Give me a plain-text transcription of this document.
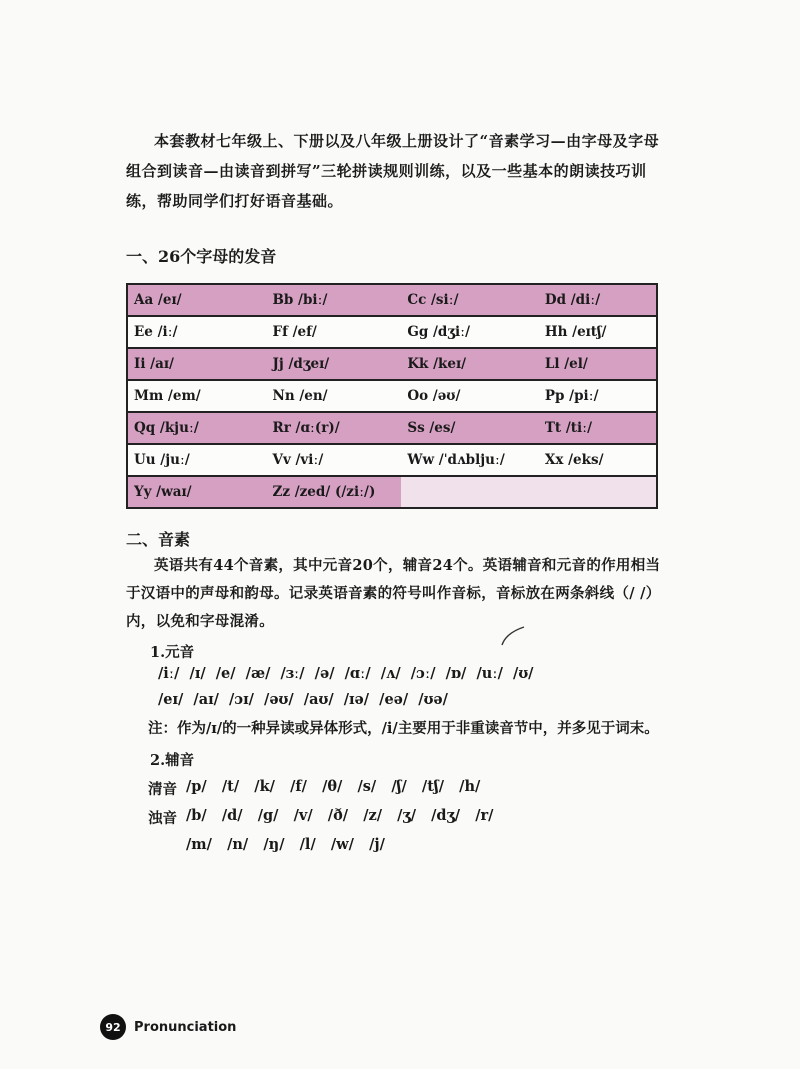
本套教材七年级上、下册以及八年级上册设计了“音素学习—由字母及字母组合到读音—由读音到拼写”三轮拼读规则训练，以及一些基本的朗读技巧训练，帮助同学们打好语音基础。
一、26个字母的发音
Aa /eɪ/	Bb /biː/	Cc /siː/	Dd /diː/
Ee /iː/	Ff /ef/	Gg /dʒiː/	Hh /eɪtʃ/
Ii /aɪ/	Jj /dʒeɪ/	Kk /keɪ/	Ll /el/
Mm /em/	Nn /en/	Oo /əʊ/	Pp /piː/
Qq /kjuː/	Rr /ɑː(r)/	Ss /es/	Tt /tiː/
Uu /juː/	Vv /viː/	Ww /ˈdʌbljuː/	Xx /eks/
Yy /waɪ/	Zz /zed/ (/ziː/)		
二、音素
英语共有44个音素，其中元音20个，辅音24个。英语辅音和元音的作用相当于汉语中的声母和韵母。记录英语音素的符号叫作音标，音标放在两条斜线（/ /）内，以免和字母混淆。
1.元音
/iː/  /ɪ/  /e/  /æ/  /ɜː/  /ə/  /ɑː/  /ʌ/  /ɔː/  /ɒ/  /uː/  /ʊ/
/eɪ/  /aɪ/  /ɔɪ/  /əʊ/  /aʊ/  /ɪə/  /eə/  /ʊə/
注：作为/ɪ/的一种异读或异体形式，/i/主要用于非重读音节中，并多见于词末。
2.辅音
清音 /p/   /t/   /k/   /f/   /θ/   /s/   /ʃ/   /tʃ/   /h/
浊音 /b/   /d/   /g/   /v/   /ð/   /z/   /ʒ/   /dʒ/   /r/
/m/   /n/   /ŋ/   /l/   /w/   /j/
92	Pronunciation
